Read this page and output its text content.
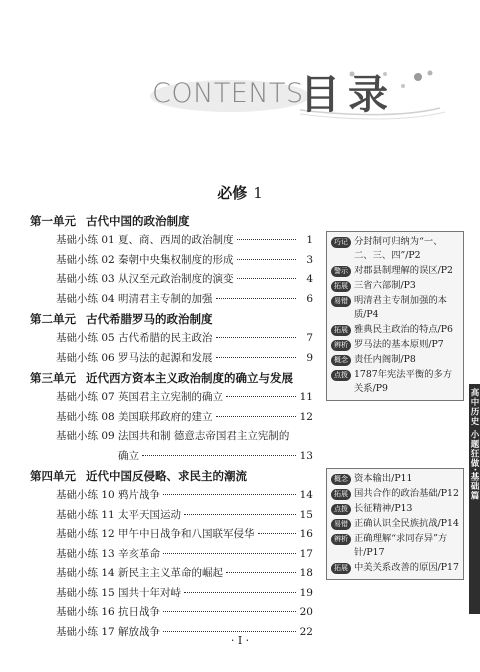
CONTENTS
目录
必修 1
第一单元 古代中国的政治制度
基础小练 01 夏、商、西周的政治制度	1
基础小练 02 秦朝中央集权制度的形成	3
基础小练 03 从汉至元政治制度的演变	4
基础小练 04 明清君主专制的加强	6
第二单元 古代希腊罗马的政治制度
基础小练 05 古代希腊的民主政治	7
基础小练 06 罗马法的起源和发展	9
第三单元 近代西方资本主义政治制度的确立与发展
基础小练 07 英国君主立宪制的确立	11
基础小练 08 美国联邦政府的建立	12
基础小练 09 法国共和制 德意志帝国君主立宪制的
确立	13
第四单元 近代中国反侵略、求民主的潮流
基础小练 10 鸦片战争	14
基础小练 11 太平天国运动	15
基础小练 12 甲午中日战争和八国联军侵华	16
基础小练 13 辛亥革命	17
基础小练 14 新民主主义革命的崛起	18
基础小练 15 国共十年对峙	19
基础小练 16 抗日战争	20
基础小练 17 解放战争	22
巧记 分封制可归纳为“一、二、三、四”/P2
警示 对郡县制理解的误区/P2
拓展 三省六部制/P3
易错 明清君主专制加强的本质/P4
拓展 雅典民主政治的特点/P6
辨析 罗马法的基本原则/P7
概念 责任内阁制/P8
点拨 1787年宪法平衡的多方关系/P9
概念 资本输出/P11
拓展 国共合作的政治基础/P12
点拨 长征精神/P13
易错 正确认识全民族抗战/P14
辨析 正确理解“求同存异”方针/P17
拓展 中美关系改善的原因/P17
高中历史 小题狂做·基础篇
· I ·
